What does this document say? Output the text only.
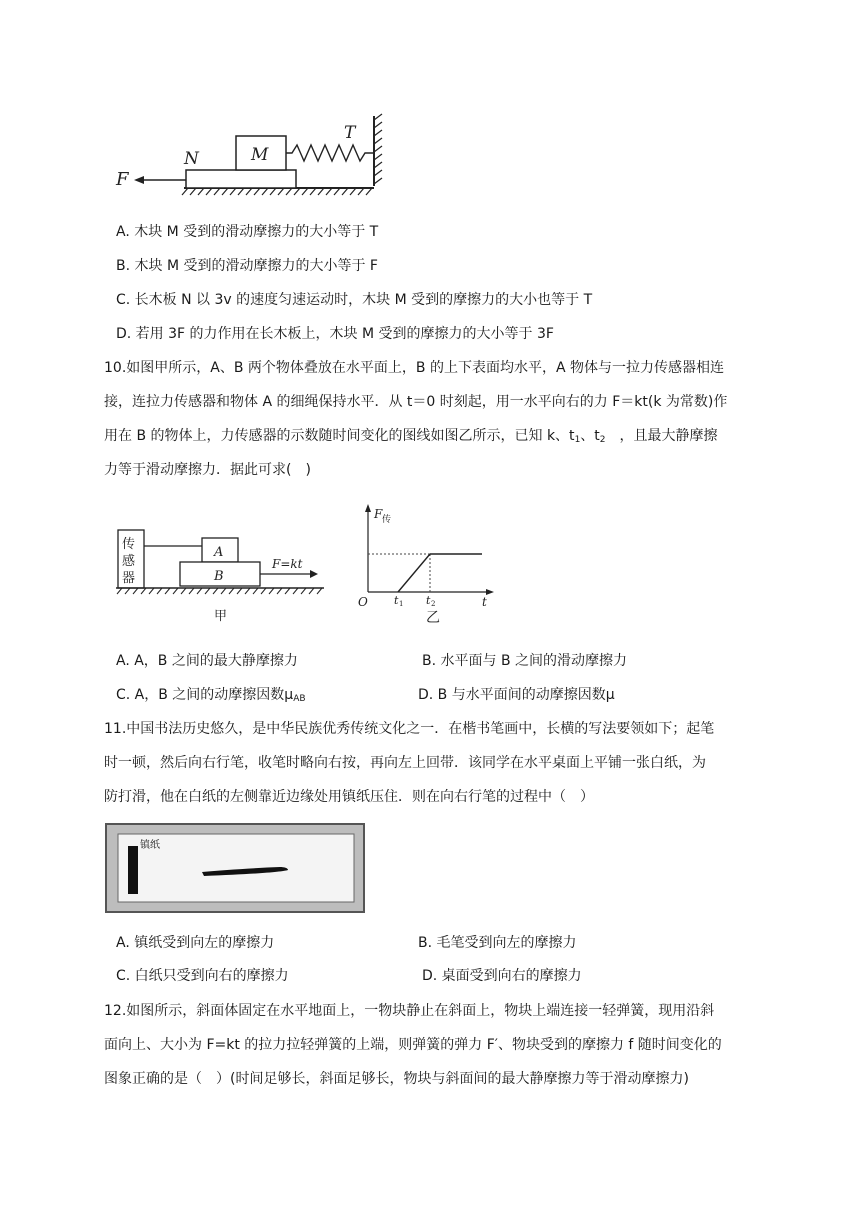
F
N	M
T
A. 木块 M 受到的滑动摩擦力的大小等于 T
B. 木块 M 受到的滑动摩擦力的大小等于 F
C. 长木板 N 以 3v 的速度匀速运动时，木块 M 受到的摩擦力的大小也等于 T
D. 若用 3F 的力作用在长木板上，木块 M 受到的摩擦力的大小等于 3F
10.如图甲所示，A、B 两个物体叠放在水平面上，B 的上下表面均水平，A 物体与一拉力传感器相连
接，连拉力传感器和物体 A 的细绳保持水平．从 t＝0 时刻起，用一水平向右的力 F＝kt(k 为常数)作
用在 B 的物体上，力传感器的示数随时间变化的图线如图乙所示，已知 k、$t_1$、$t_2$　，且最大静摩擦
力等于滑动摩擦力．据此可求(　)
传
感
器
A
B
F=kt
甲
F 传
O t 1 t 2	t
乙
A. A，B 之间的最大静摩擦力	B. 水平面与 B 之间的滑动摩擦力
C. A，B 之间的动摩擦因数$\mu_{AB}$	D. B 与水平面间的动摩擦因数μ
11.中国书法历史悠久，是中华民族优秀传统文化之一．在楷书笔画中，长横的写法要领如下；起笔
时一顿，然后向右行笔，收笔时略向右按，再向左上回带．该同学在水平桌面上平铺一张白纸，为
防打滑，他在白纸的左侧靠近边缘处用镇纸压住．则在向右行笔的过程中（　）
镇纸
A. 镇纸受到向左的摩擦力	B. 毛笔受到向左的摩擦力
C. 白纸只受到向右的摩擦力	D. 桌面受到向右的摩擦力
12.如图所示，斜面体固定在水平地面上，一物块静止在斜面上，物块上端连接一轻弹簧，现用沿斜
面向上、大小为 F=kt 的拉力拉轻弹簧的上端，则弹簧的弹力 F′、物块受到的摩擦力 f 随时间变化的
图象正确的是（　）(时间足够长，斜面足够长，物块与斜面间的最大静摩擦力等于滑动摩擦力)
